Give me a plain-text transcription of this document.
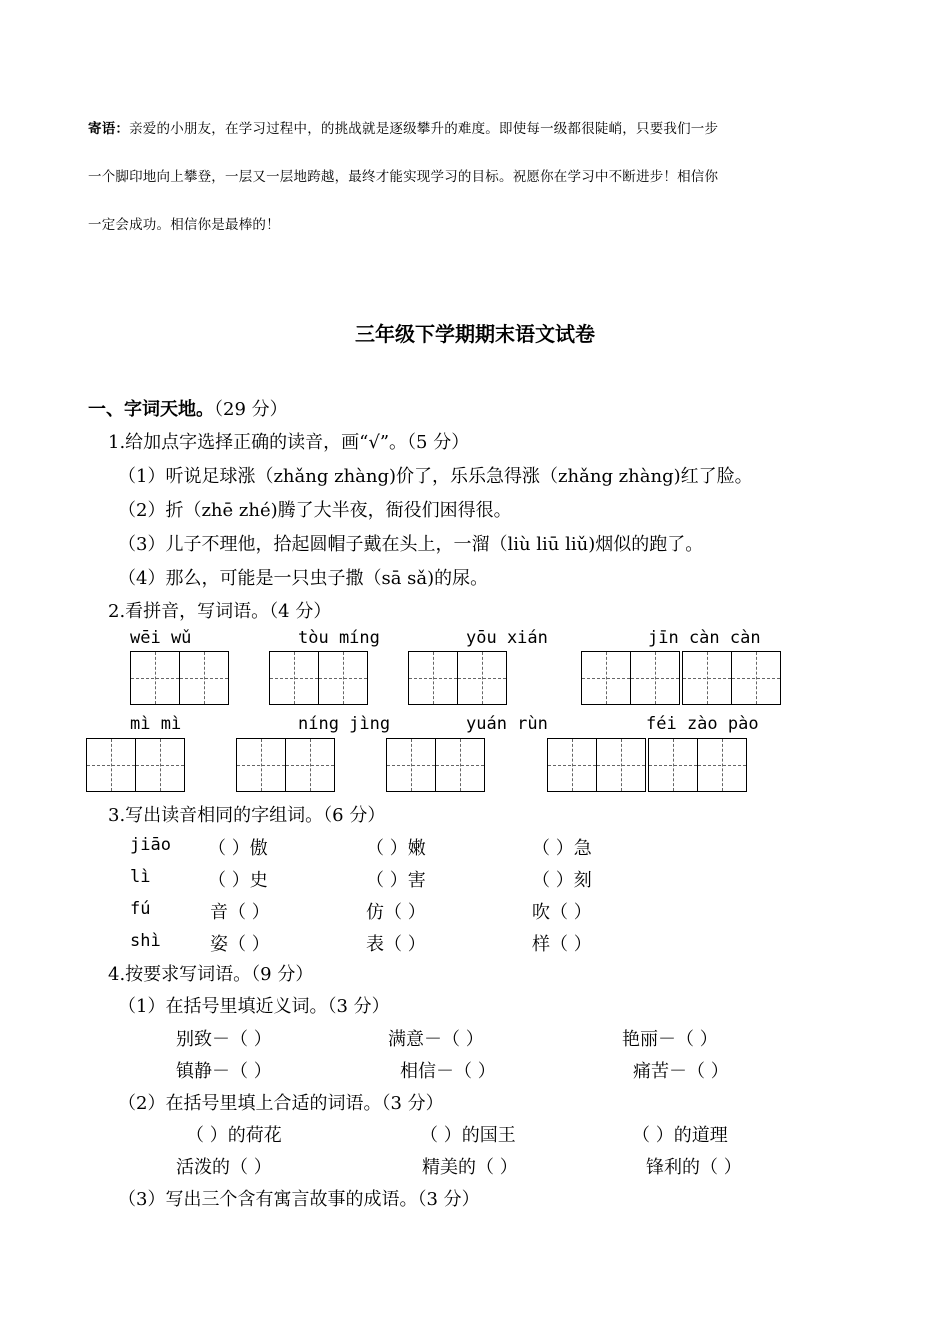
寄语：亲爱的小朋友，在学习过程中，的挑战就是逐级攀升的难度。即使每一级都很陡峭，只要我们一步
一个脚印地向上攀登，一层又一层地跨越，最终才能实现学习的目标。祝愿你在学习中不断进步！相信你
一定会成功。相信你是最棒的！
三年级下学期期末语文试卷
一、字词天地。（29 分）
1.给加点字选择正确的读音，画“√”。（5 分）
（1）听说足球涨（zhǎng zhàng)价了，乐乐急得涨（zhǎng zhàng)红了脸。
（2）折（zhē zhé)腾了大半夜，衙役们困得很。
（3）儿子不理他，拾起圆帽子戴在头上，一溜（liù liū liǔ)烟似的跑了。
（4）那么，可能是一只虫子撒（sā sǎ)的尿。
2.看拼音，写词语。（4 分）
wēi wǔ	tòu míng	yōu xián	jīn càn càn
mì mì	níng jìng	yuán rùn	féi zào pào
3.写出读音相同的字组词。（6 分）
jiāo （ ）傲	（ ）嫩	（ ）急
lì	（ ）史	（ ）害	（ ）刻
fú	音（ ）	仿（ ）	吹（ ）
shì	姿（ ）	表（ ）	样（ ）
4.按要求写词语。（9 分）
（1）在括号里填近义词。（3 分）
别致－（ ）	满意－（ ）	艳丽－（ ）
镇静－（ ）	相信－（ ）	痛苦－（ ）
（2）在括号里填上合适的词语。（3 分）
（ ）的荷花	（ ）的国王	（ ）的道理
活泼的（ ）	精美的（ ）	锋利的（ ）
（3）写出三个含有寓言故事的成语。（3 分）
